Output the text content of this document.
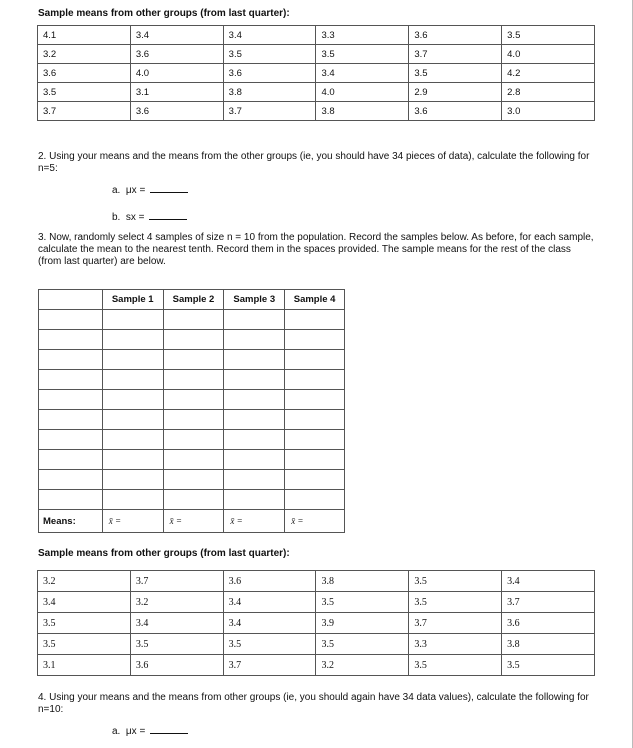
Sample means from other groups (from last quarter):
4.1	3.4	3.4	3.3	3.6	3.5
3.2	3.6	3.5	3.5	3.7	4.0
3.6	4.0	3.6	3.4	3.5	4.2
3.5	3.1	3.8	4.0	2.9	2.8
3.7	3.6	3.7	3.8	3.6	3.0
2. Using your means and the means from the other groups (ie, you should have 34 pieces of data), calculate the following for n=5:
a. μx =
b. sx =
3. Now, randomly select 4 samples of size n = 10 from the population. Record the samples below. As before, for each sample, calculate the mean to the nearest tenth. Record them in the spaces provided. The sample means for the rest of the class (from last quarter) are below.
	Sample 1	Sample 2	Sample 3	Sample 4

Means:	x̄ =	x̄ =	x̄ =	x̄ =
Sample means from other groups (from last quarter):
3.2	3.7	3.6	3.8	3.5	3.4
3.4	3.2	3.4	3.5	3.5	3.7
3.5	3.4	3.4	3.9	3.7	3.6
3.5	3.5	3.5	3.5	3.3	3.8
3.1	3.6	3.7	3.2	3.5	3.5
4. Using your means and the means from other groups (ie, you should again have 34 data values), calculate the following for n=10:
a. μx =
